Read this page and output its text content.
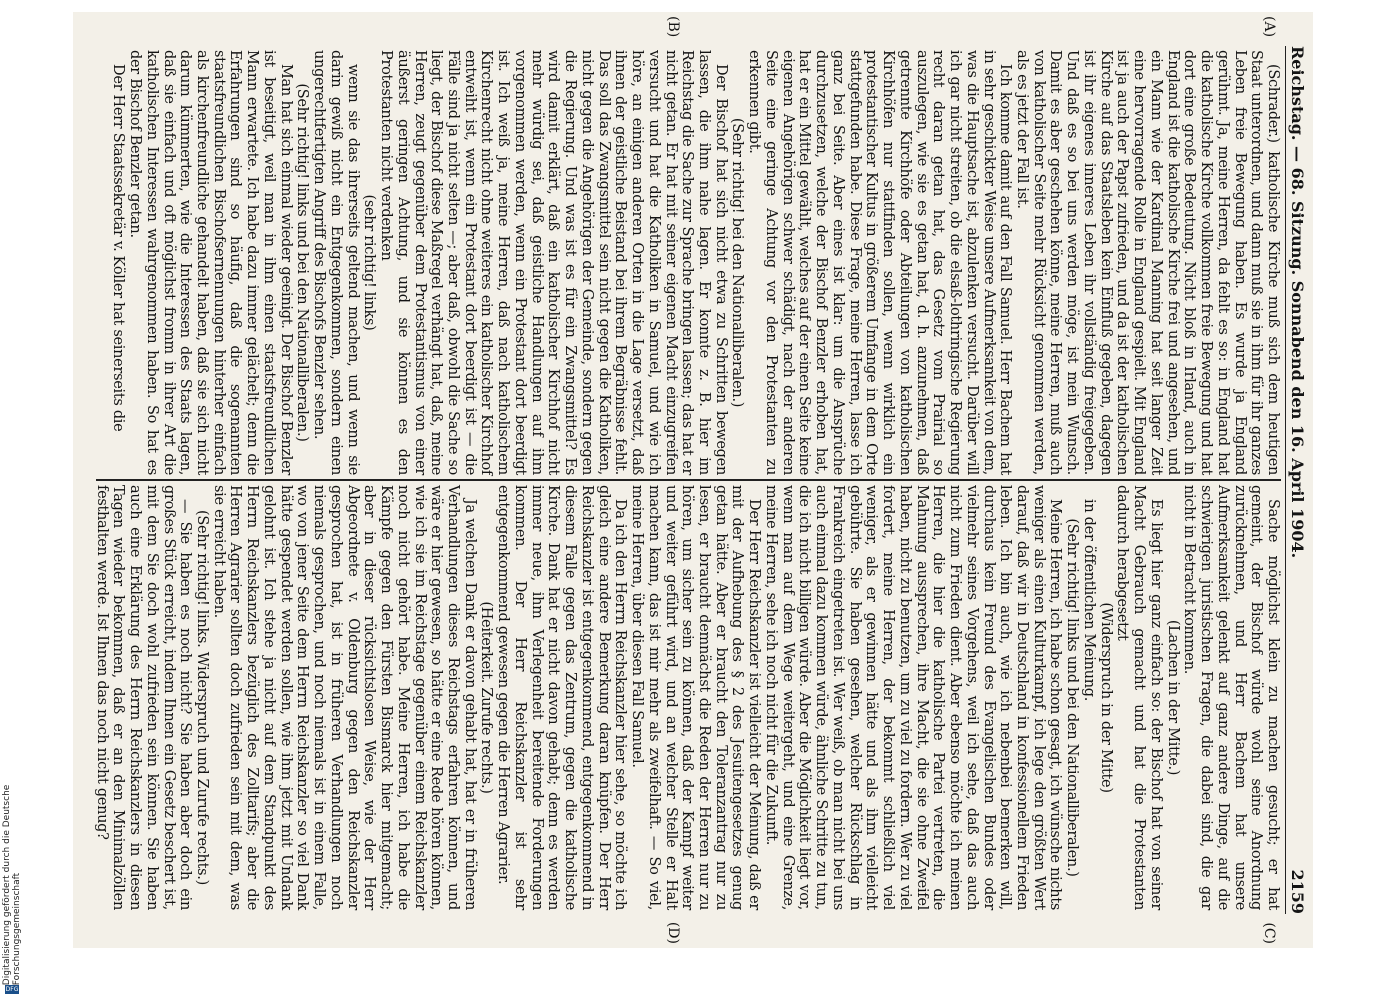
Reichstag. — 68. Sitzung. Sonnabend den 16. April 1904.
2159
(A)
(B)

(Schrader.) katholische Kirche muß sich dem heutigen Staat unterordnen, und dann muß sie in ihm für ihr ganzes Leben freie Bewegung haben. Es wurde ja England gerühmt. Ja, meine Herren, da fehlt es so: in England hat die katholische Kirche vollkommen freie Bewegung und hat dort eine große Bedeutung. Nicht bloß in Irland, auch in England ist die katholische Kirche frei und angesehen, und ein Mann wie der Kardinal Manning hat seit langer Zeit eine hervorragende Rolle in England gespielt. Mit England ist ja auch der Papst zufrieden, und da ist der katholischen Kirche auf das Staatsleben kein Einfluß gegeben, dagegen ist ihr eigenes inneres Leben ihr vollständig freigegeben. Und daß es so bei uns werden möge, ist mein Wunsch. Damit es aber geschehen könne, meine Herren, muß auch von katholischer Seite mehr Rücksicht genommen werden, als es jetzt der Fall ist.

Ich komme damit auf den Fall Samuel. Herr Bachem hat in sehr geschickter Weise unsere Aufmerksamkeit von dem, was die Hauptsache ist, abzulenken versucht. Darüber will ich gar nicht streiten, ob die elsaß-lothringische Regierung recht daran getan hat, das Gesetz vom Prairial so auszulegen, wie sie es getan hat, d. h. anzunehmen, daß getrennte Kirchhöfe oder Abteilungen von katholischen Kirchhöfen nur stattfinden sollen, wenn wirklich ein protestantischer Kultus in größerem Umfange in dem Orte stattgefunden habe. Diese Frage, meine Herren, lasse ich ganz bei Seite. Aber eines ist klar: um die Ansprüche durchzusetzen, welche der Bischof Benzler erhoben hat, hat er ein Mittel gewählt, welches auf der einen Seite keine eigenen Angehörigen schwer schädigt, nach der anderen Seite eine geringe Achtung vor den Protestanten zu erkennen gibt.

(Sehr richtig! bei den Nationalliberalen.)

Der Bischof hat sich nicht etwa zu Schritten bewegen lassen, die ihm nahe lagen. Er konnte z. B. hier im Reichstag die Sache zur Sprache bringen lassen; das hat er nicht getan. Er hat mit seiner eigenen Macht einzugreifen versucht und hat die Katholiken in Samuel, und wie ich höre, an einigen anderen Orten in die Lage versetzt, daß ihnen der geistliche Beistand bei ihrem Begräbnisse fehlt. Das soll das Zwangsmittel sein nicht gegen die Katholiken, nicht gegen die Angehörigen der Gemeinde, sondern gegen die Regierung. Und was ist es für ein Zwangsmittel? Es wird damit erklärt, daß ein katholischer Kirchhof nicht mehr würdig sei, daß geistliche Handlungen auf ihm vorgenommen werden, wenn ein Protestant dort beerdigt ist. Ich weiß ja, meine Herren, daß nach katholischem Kirchenrecht nicht ohne weiteres ein katholischer Kirchhof entweiht ist, wenn ein Protestant dort beerdigt ist — die Fälle sind ja nicht selten —; aber daß, obwohl die Sache so liegt, der Bischof diese Maßregel verhängt hat, daß, meine Herren, zeugt gegenüber dem Protestantismus von einer äußerst geringen Achtung, und sie können es den Protestanten nicht verdenken

(sehr richtig! links)

wenn sie das ihrerseits geltend machen, und wenn sie darin gewiß nicht ein Entgegenkommen, sondern einen ungerechtfertigten Angriff des Bischofs Benzler sehen.

(Sehr richtig! links und bei den Nationalliberalen.)

Man hat sich einmal wieder geeinigt. Der Bischof Benzler ist beseitigt, weil man in ihm einen staatsfreundlichen Mann erwartete. Ich habe dazu immer gelächelt; denn die Erfahrungen sind so häufig, daß die sogenannten staatsfreundlichen Bischofsernennungen hinterher einfach als kirchenfreundliche gehandelt haben, daß sie sich nicht darum kümmerten, wie die Interessen des Staats lagen, daß sie einfach und oft möglichst fromm in ihrer Art die katholischen Interessen wahrgenommen haben. So hat es der Bischof Benzler getan.

Der Herr Staatssekretär v. Köller hat seinerseits die

(C)
(D)

Sache möglichst klein zu machen gesucht; er hat gemeint, der Bischof würde wohl seine Anordnung zurücknehmen, und Herr Bachem hat unsere Aufmerksamkeit gelenkt auf ganz andere Dinge, auf die schwierigen juristischen Fragen, die dabei sind, die gar nicht in Betracht kommen.

(Lachen in der Mitte.)

Es liegt hier ganz einfach so: der Bischof hat von seiner Macht Gebrauch gemacht und hat die Protestanten dadurch herabgesetzt

(Widerspruch in der Mitte)

in der öffentlichen Meinung.

(Sehr richtig! links und bei den Nationalliberalen.)

Meine Herren, ich habe schon gesagt, ich wünsche nichts weniger als einen Kulturkampf, ich lege den größten Wert darauf, daß wir in Deutschland in konfessionellem Frieden leben. Ich bin auch, wie ich nebenbei bemerken will, durchaus kein Freund des Evangelischen Bundes oder vielmehr seines Vorgehens, weil ich sehe, daß das auch nicht zum Frieden dient. Aber ebenso möchte ich meinen Herren, die hier die katholische Partei vertreten, die Mahnung aussprechen, ihre Macht, die sie ohne Zweifel haben, nicht zu benutzen, um zu viel zu fordern. Wer zu viel fordert, meine Herren, der bekommt schließlich viel weniger, als er gewinnen hätte und als ihm vielleicht gebührte. Sie haben gesehen, welcher Rückschlag in Frankreich eingetreten ist. Wer weiß, ob man nicht bei uns auch einmal dazu kommen würde, ähnliche Schritte zu tun, die ich nicht billigen würde. Aber die Möglichkeit liegt vor, wenn man auf dem Wege weitergeht, und eine Grenze, meine Herren, sehe ich noch nicht für die Zukunft.

Der Herr Reichskanzler ist vielleicht der Meinung, daß er mit der Aufhebung des § 2 des Jesuitengesetzes genug getan hätte. Aber er braucht den Toleranzantrag nur zu lesen, er braucht demnächst die Reden der Herren nur zu hören, um sicher sein zu können, daß der Kampf weiter und weiter geführt wird, und an welcher Stelle er Halt machen kann, das ist mir mehr als zweifelhaft. — So viel, meine Herren, über diesen Fall Samuel.

Da ich den Herrn Reichskanzler hier sehe, so möchte ich gleich eine andere Bemerkung daran knüpfen. Der Herr Reichskanzler ist entgegenkommend, entgegenkommend in diesem Falle gegen das Zentrum, gegen die katholische Kirche. Dank hat er nicht davon gehabt; denn es werden immer neue, ihm Verlegenheit bereitende Forderungen kommen. Der Herr Reichskanzler ist sehr entgegenkommend gewesen gegen die Herren Agrarier.

(Heiterkeit. Zurufe rechts.)

Ja welchen Dank er davon gehabt hat, hat er in früheren Verhandlungen dieses Reichstags erfahren können, und wäre er hier gewesen, so hätte er eine Rede hören können, wie ich sie im Reichstage gegenüber einem Reichskanzler noch nicht gehört habe. Meine Herren, ich habe die Kämpfe gegen den Fürsten Bismarck hier mitgemacht; aber in dieser rücksichtslosen Weise, wie der Herr Abgeordnete v. Oldenburg gegen den Reichskanzler gesprochen hat, ist in früheren Verhandlungen noch niemals gesprochen, und noch niemals ist in einem Falle, wo von jener Seite dem Herrn Reichskanzler so viel Dank hätte gespendet werden sollen, wie ihm jetzt mit Undank gelohnt ist. Ich stehe ja nicht auf dem Standpunkt des Herrn Reichskanzlers bezüglich des Zolltarifs; aber die Herren Agrarier sollten doch zufrieden sein mit dem, was sie erreicht haben.

(Sehr richtig! links. Widerspruch und Zurufe rechts.)

— Sie haben es noch nicht? Sie haben aber doch ein großes Stück erreicht, indem Ihnen ein Gesetz beschert ist, mit dem Sie doch wohl zufrieden sein können. Sie haben auch eine Erklärung des Herrn Reichskanzlers in diesen Tagen wieder bekommen, daß er an den Minimalzöllen festhalten werde. Ist Ihnen das noch nicht genug?

Digitalisierung gefördert durch die Deutsche Forschungsgemeinschaft
DFG
